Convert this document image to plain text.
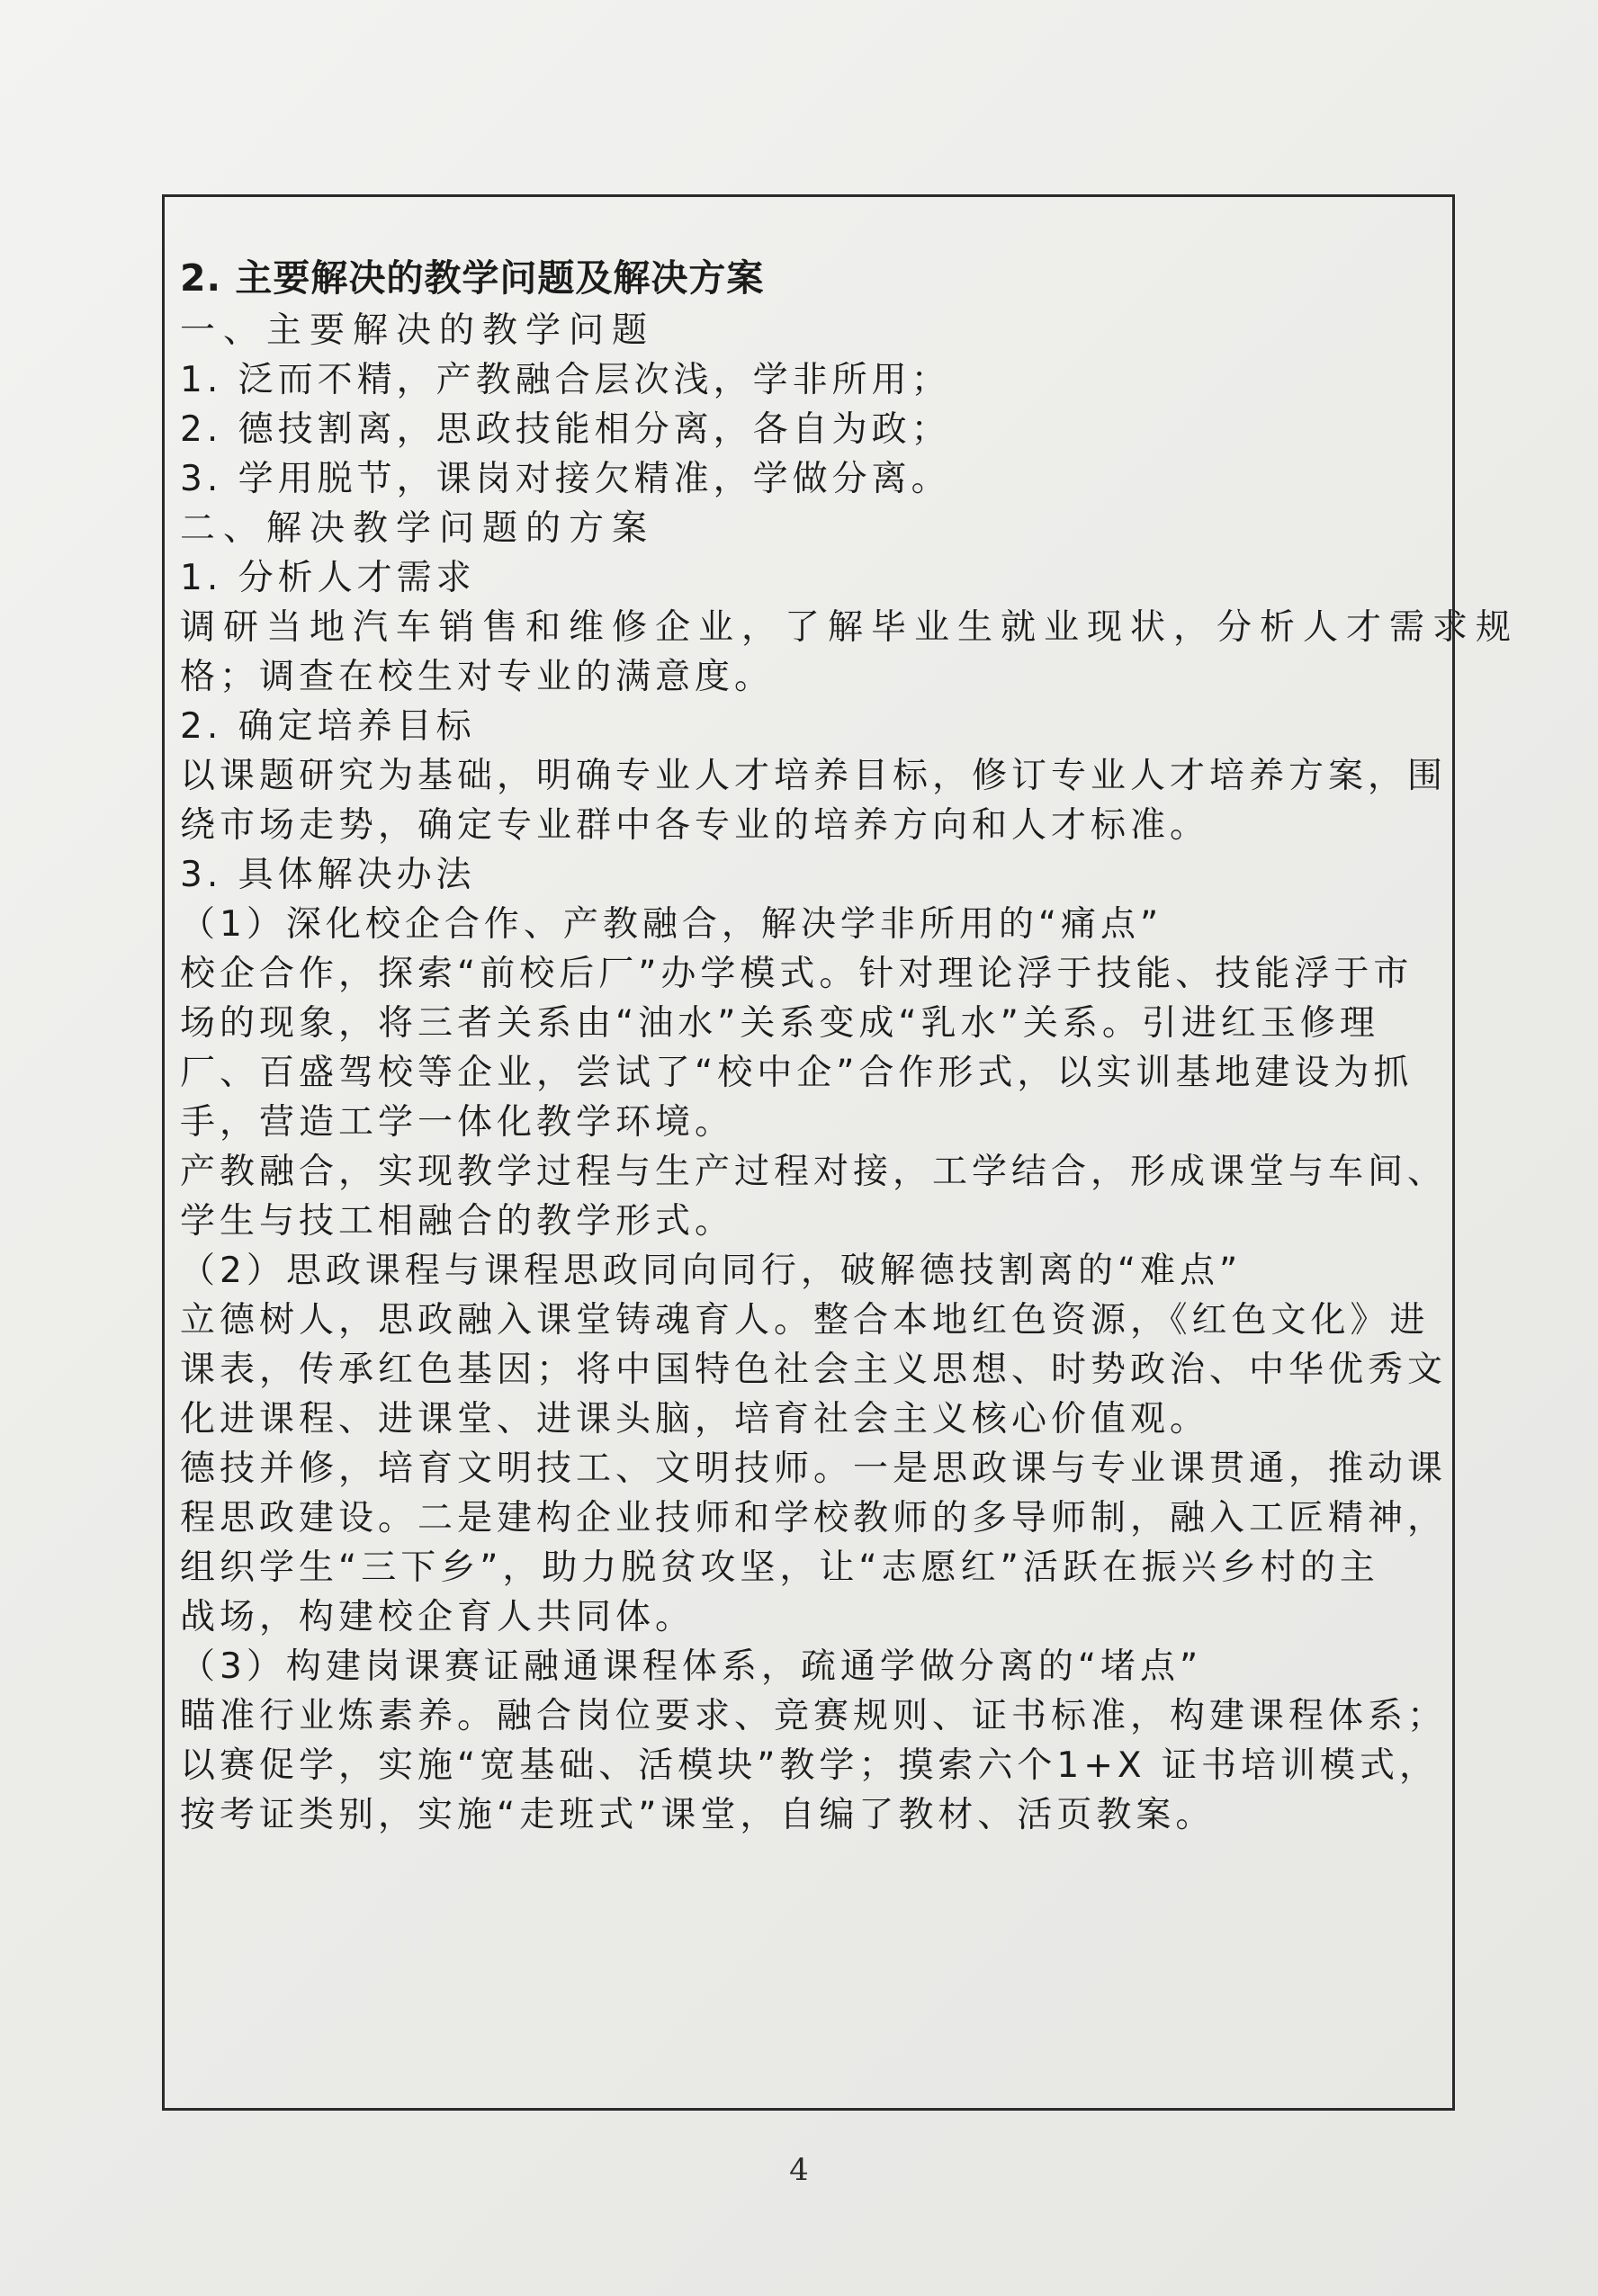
2. 主要解决的教学问题及解决方案
一、主要解决的教学问题
1. 泛而不精，产教融合层次浅，学非所用；
2. 德技割离，思政技能相分离，各自为政；
3. 学用脱节，课岗对接欠精准，学做分离。
二、解决教学问题的方案
1. 分析人才需求
调研当地汽车销售和维修企业，了解毕业生就业现状，分析人才需求规
格；调查在校生对专业的满意度。
2. 确定培养目标
以课题研究为基础，明确专业人才培养目标，修订专业人才培养方案，围
绕市场走势，确定专业群中各专业的培养方向和人才标准。
3. 具体解决办法
（1）深化校企合作、产教融合，解决学非所用的“痛点”
校企合作，探索“前校后厂”办学模式。针对理论浮于技能、技能浮于市
场的现象，将三者关系由“油水”关系变成“乳水”关系。引进红玉修理
厂、百盛驾校等企业，尝试了“校中企”合作形式，以实训基地建设为抓
手，营造工学一体化教学环境。
产教融合，实现教学过程与生产过程对接，工学结合，形成课堂与车间、
学生与技工相融合的教学形式。
（2）思政课程与课程思政同向同行，破解德技割离的“难点”
立德树人，思政融入课堂铸魂育人。整合本地红色资源，《红色文化》进
课表，传承红色基因；将中国特色社会主义思想、时势政治、中华优秀文
化进课程、进课堂、进课头脑，培育社会主义核心价值观。
德技并修，培育文明技工、文明技师。一是思政课与专业课贯通，推动课
程思政建设。二是建构企业技师和学校教师的多导师制，融入工匠精神，
组织学生“三下乡”，助力脱贫攻坚，让“志愿红”活跃在振兴乡村的主
战场，构建校企育人共同体。
（3）构建岗课赛证融通课程体系，疏通学做分离的“堵点”
瞄准行业炼素养。融合岗位要求、竞赛规则、证书标准，构建课程体系；
以赛促学，实施“宽基础、活模块”教学；摸索六个1+X 证书培训模式，
按考证类别，实施“走班式”课堂，自编了教材、活页教案。
4
